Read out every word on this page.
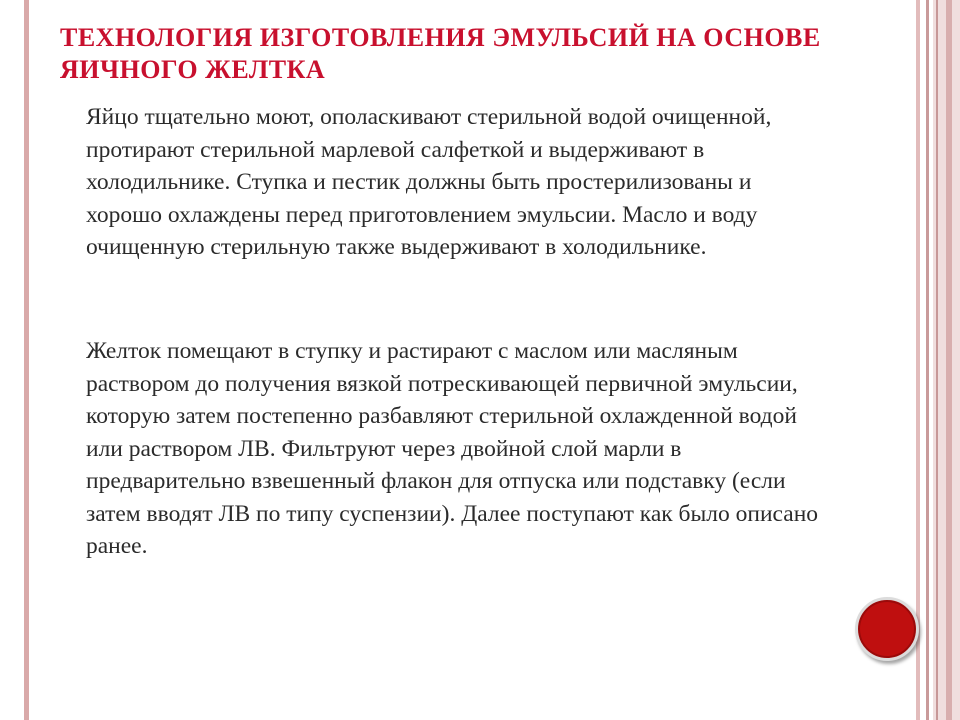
ТЕХНОЛОГИЯ ИЗГОТОВЛЕНИЯ ЭМУЛЬСИЙ НА ОСНОВЕ ЯИЧНОГО ЖЕЛТКА

Яйцо тщательно моют, ополаскивают стерильной водой очищенной, протирают стерильной марлевой салфеткой и выдерживают в холодильнике. Ступка и пестик должны быть простерилизованы и хорошо охлаждены перед приготовлением эмульсии. Масло и воду очищенную стерильную также выдерживают в холодильнике.

Желток помещают в ступку и растирают с маслом или масляным раствором до получения вязкой потрескивающей первичной эмульсии, которую затем постепенно разбавляют стерильной охлажденной водой или раствором ЛВ. Фильтруют через двойной слой марли в предварительно взвешенный флакон для отпуска или подставку (если затем вводят ЛВ по типу суспензии). Далее поступают как было описано ранее.
